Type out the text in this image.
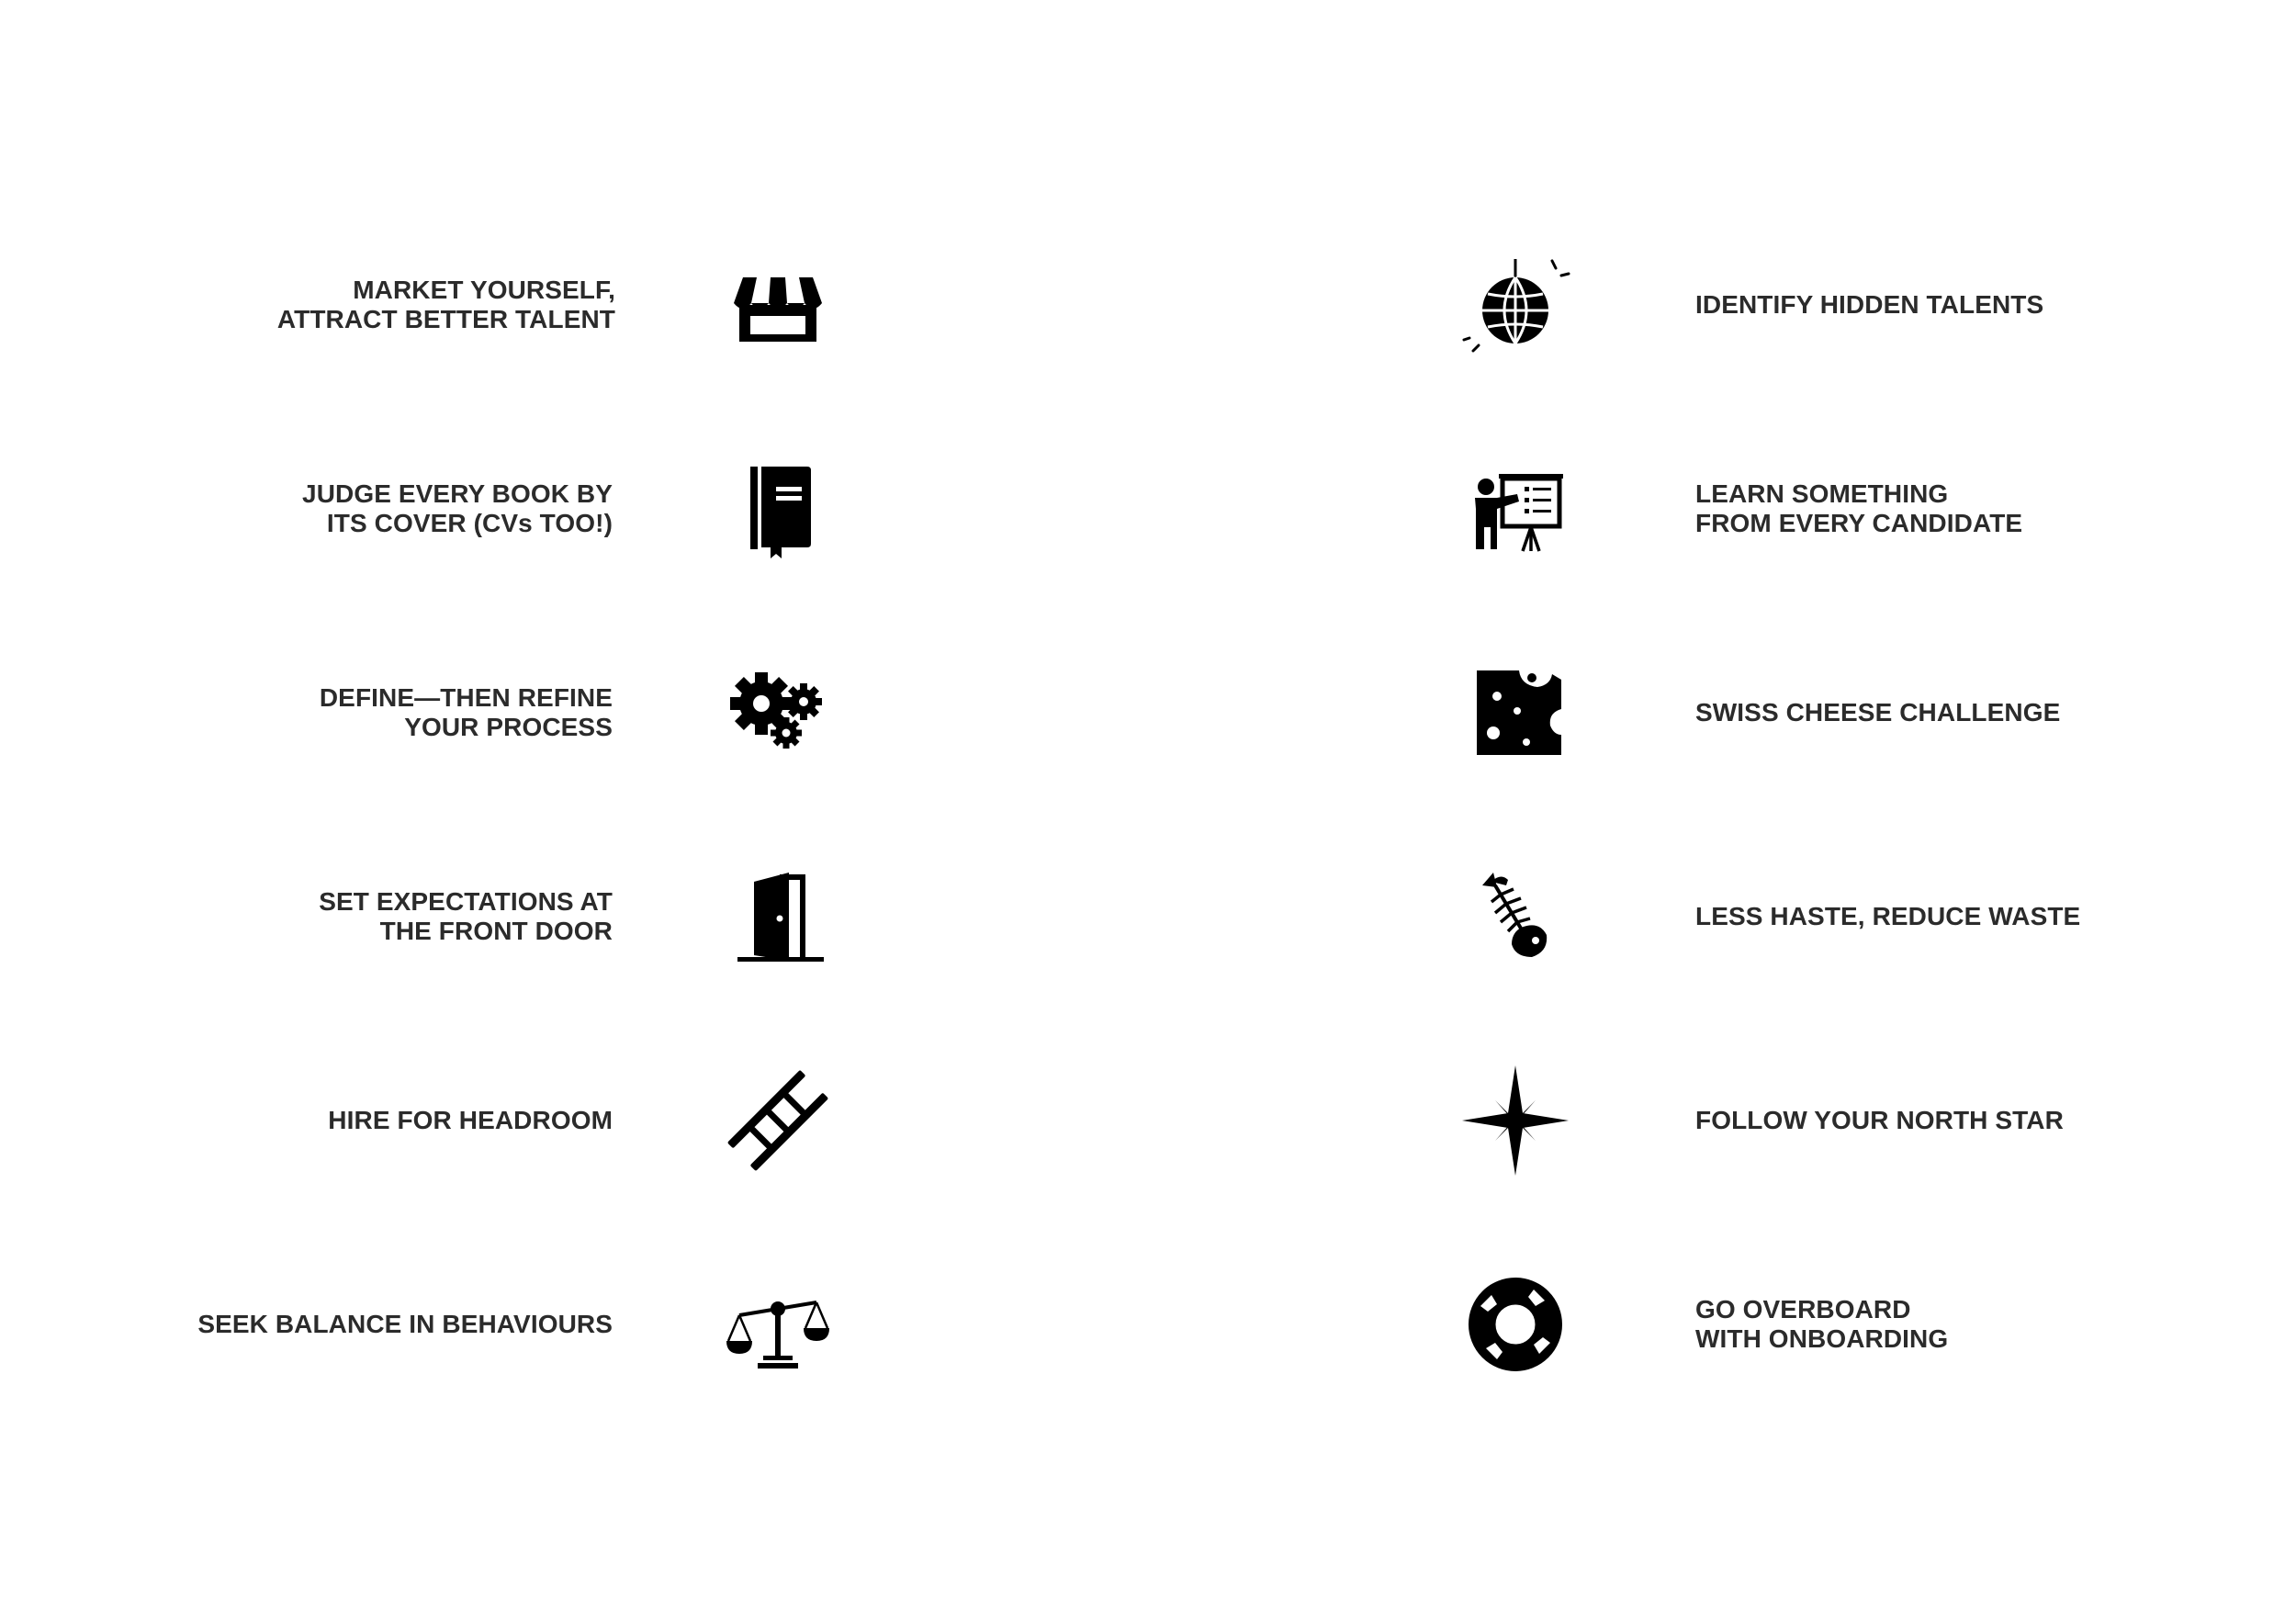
MARKET YOURSELF,
ATTRACT BETTER TALENT
JUDGE EVERY BOOK BY
ITS COVER (CVs TOO!)
DEFINE—THEN REFINE
YOUR PROCESS
SET EXPECTATIONS AT
THE FRONT DOOR
HIRE FOR HEADROOM
SEEK BALANCE IN BEHAVIOURS
IDENTIFY HIDDEN TALENTS
LEARN SOMETHING
FROM EVERY CANDIDATE
SWISS CHEESE CHALLENGE
LESS HASTE, REDUCE WASTE
FOLLOW YOUR NORTH STAR
GO OVERBOARD
WITH ONBOARDING
